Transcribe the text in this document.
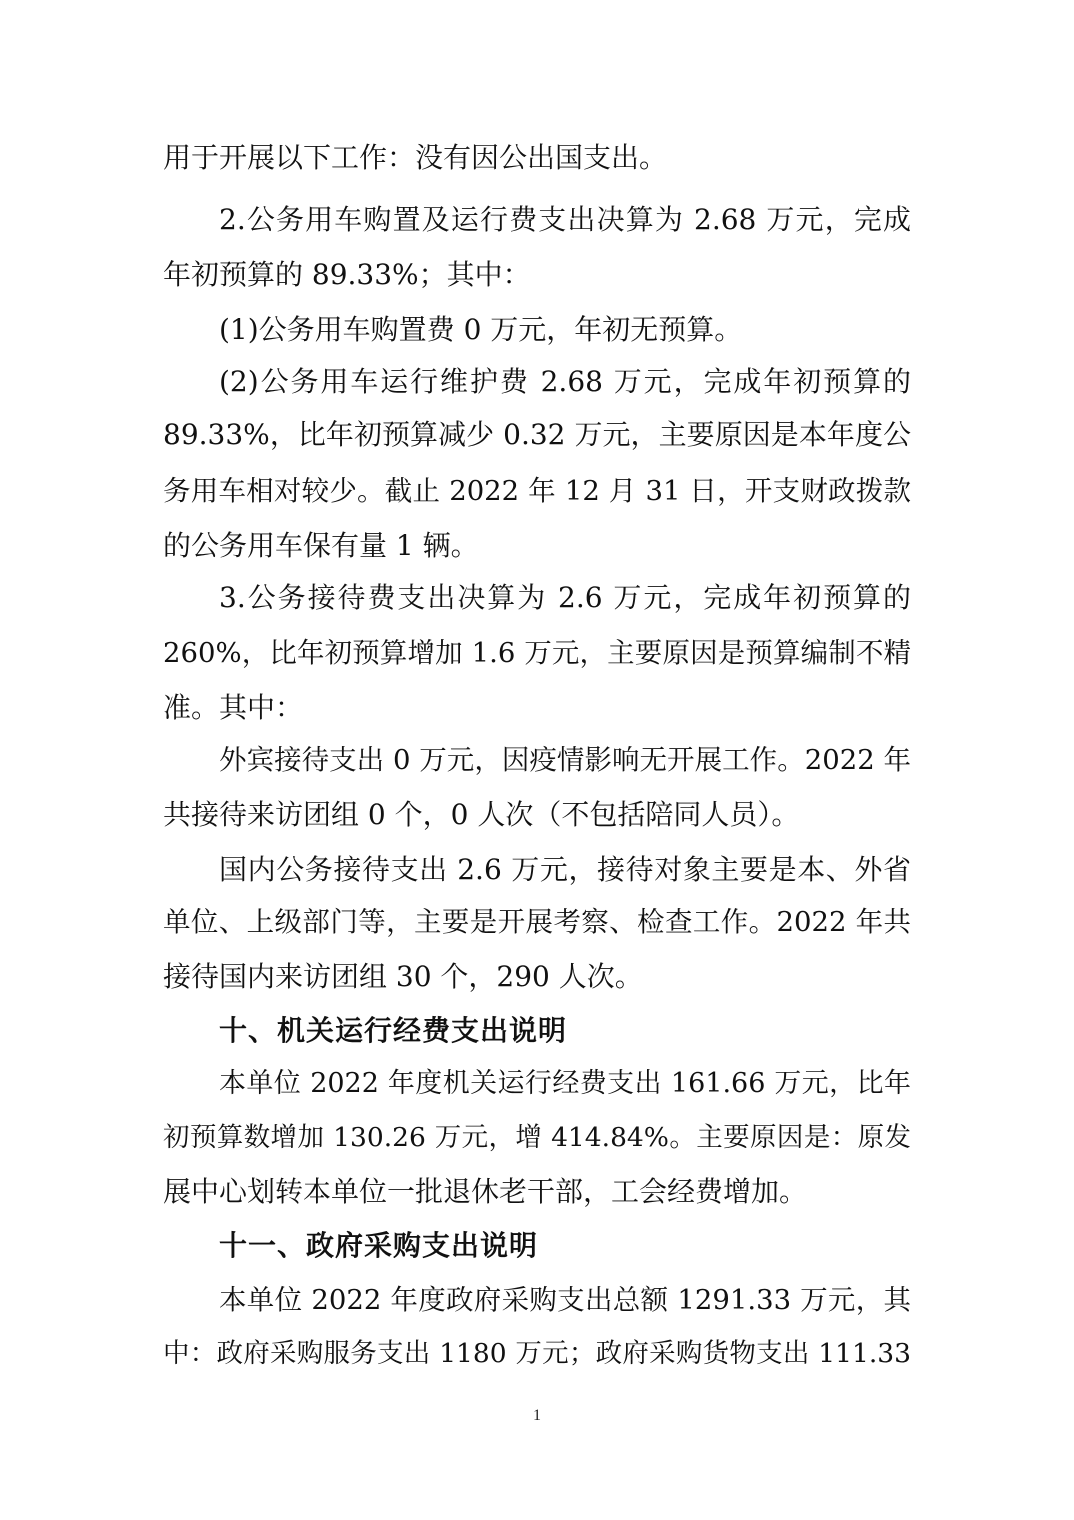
用于开展以下工作：没有因公出国支出。
2.公务用车购置及运行费支出决算为 2.68 万元，完成
年初预算的 89.33%；其中：
(1)公务用车购置费 0 万元，年初无预算。
(2)公务用车运行维护费 2.68 万元，完成年初预算的
89.33%，比年初预算减少 0.32 万元，主要原因是本年度公
务用车相对较少。截止 2022 年 12 月 31 日，开支财政拨款
的公务用车保有量 1 辆。
3.公务接待费支出决算为 2.6 万元，完成年初预算的
260%，比年初预算增加 1.6 万元，主要原因是预算编制不精
准。其中：
外宾接待支出 0 万元，因疫情影响无开展工作。2022 年
共接待来访团组 0 个，0 人次（不包括陪同人员）。
国内公务接待支出 2.6 万元，接待对象主要是本、外省
单位、上级部门等，主要是开展考察、检查工作。2022 年共
接待国内来访团组 30 个，290 人次。
十、机关运行经费支出说明
本单位 2022 年度机关运行经费支出 161.66 万元，比年
初预算数增加 130.26 万元，增 414.84%。主要原因是：原发
展中心划转本单位一批退休老干部，工会经费增加。
十一、政府采购支出说明
本单位 2022 年度政府采购支出总额 1291.33 万元，其
中：政府采购服务支出 1180 万元；政府采购货物支出 111.33
1
